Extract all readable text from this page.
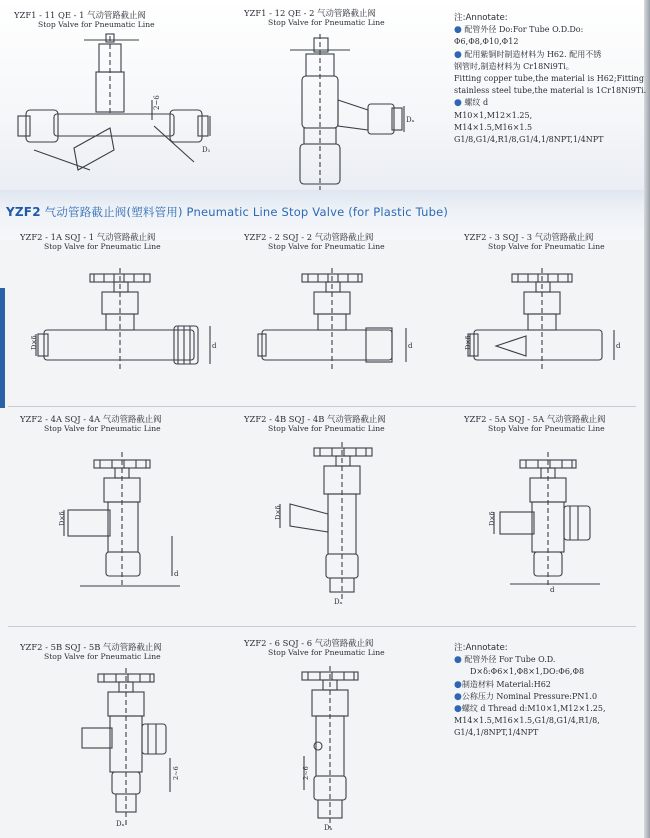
YZF1 - 11 QE - 1 气动管路截止阀
Stop Valve for Pneumatic Line
YZF1 - 12 QE - 2 气动管路截止阀
Stop Valve for Pneumatic Line
2~6
D₁
Dₐ
注:Annotate:
● 配管外径 Do:For Tube O.D.Do:
Φ6,Φ8,Φ10,Φ12
● 配用紫铜时制造材料为 H62. 配用不锈
钢管时,制造材料为 Cr18Ni9Ti。
Fitting copper tube,the material is H62;Fitting
stainless steel tube,the material is 1Cr18Ni9Ti.
● 螺纹 d
M10×1,M12×1.25,
M14×1.5,M16×1.5
G1/8,G1/4,R1/8,G1/4,1/8NPT,1/4NPT
YZF2 气动管路截止阀(塑料管用) Pneumatic Line Stop Valve (for Plastic Tube)
YZF2 - 1A SQJ - 1 气动管路截止阀
Stop Valve for Pneumatic Line
YZF2 - 2 SQJ - 2 气动管路截止阀
Stop Valve for Pneumatic Line
YZF2 - 3 SQJ - 3 气动管路截止阀
Stop Valve for Pneumatic Line
D×δ	d	d	D×δ	d
YZF2 - 4A SQJ - 4A 气动管路截止阀
Stop Valve for Pneumatic Line
YZF2 - 4B SQJ - 4B 气动管路截止阀
Stop Valve for Pneumatic Line
YZF2 - 5A SQJ - 5A 气动管路截止阀
Stop Valve for Pneumatic Line
D×δ
d
D×δ
Dₐ
D×δ
d
YZF2 - 5B SQJ - 5B 气动管路截止阀
Stop Valve for Pneumatic Line
YZF2 - 6 SQJ - 6 气动管路截止阀
Stop Valve for Pneumatic Line
2~6
Dₐ
2~6
Dₐ
注:Annotate:
● 配管外径 For Tube O.D.
D×δ:Φ6×1,Φ8×1,DO:Φ6,Φ8
●制造材料 Material:H62
●公称压力 Nominal Pressure:PN1.0
●螺纹 d Thread d:M10×1,M12×1.25,
M14×1.5,M16×1.5,G1/8,G1/4,R1/8,
G1/4,1/8NPT,1/4NPT
